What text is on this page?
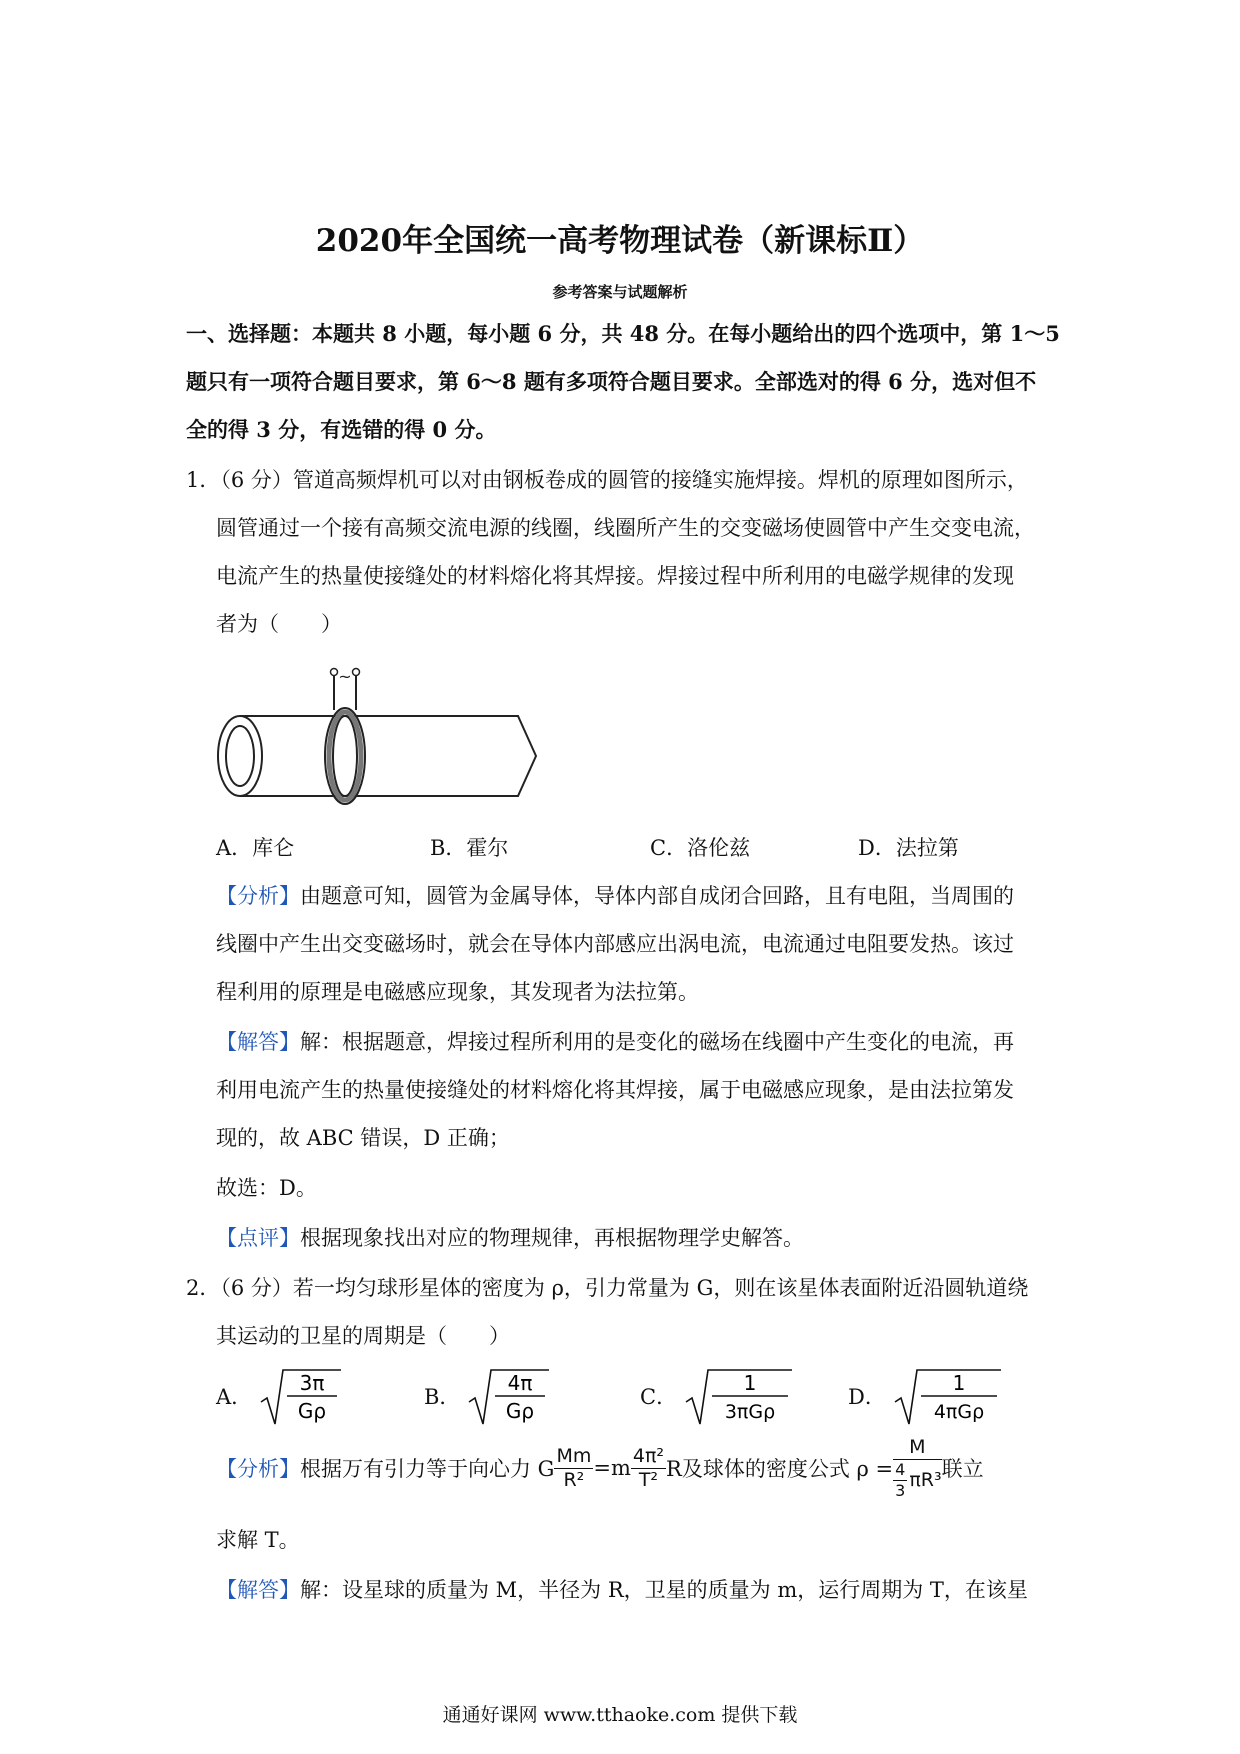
2020年全国统一高考物理试卷（新课标Ⅱ）
参考答案与试题解析
一、选择题：本题共 8 小题，每小题 6 分，共 48 分。在每小题给出的四个选项中，第 1～5
题只有一项符合题目要求，第 6～8 题有多项符合题目要求。全部选对的得 6 分，选对但不
全的得 3 分，有选错的得 0 分。
1．（6 分）管道高频焊机可以对由钢板卷成的圆管的接缝实施焊接。焊机的原理如图所示，
圆管通过一个接有高频交流电源的线圈，线圈所产生的交变磁场使圆管中产生交变电流，
电流产生的热量使接缝处的材料熔化将其焊接。焊接过程中所利用的电磁学规律的发现
者为（　　）
~
A．库仑	B．霍尔	C．洛伦兹	D．法拉第
【分析】由题意可知，圆管为金属导体，导体内部自成闭合回路，且有电阻，当周围的
线圈中产生出交变磁场时，就会在导体内部感应出涡电流，电流通过电阻要发热。该过
程利用的原理是电磁感应现象，其发现者为法拉第。
【解答】解：根据题意，焊接过程所利用的是变化的磁场在线圈中产生变化的电流，再
利用电流产生的热量使接缝处的材料熔化将其焊接，属于电磁感应现象，是由法拉第发
现的，故 ABC 错误，D 正确；
故选：D。
【点评】根据现象找出对应的物理规律，再根据物理学史解答。
2．（6 分）若一均匀球形星体的密度为 ρ，引力常量为 G，则在该星体表面附近沿圆轨道绕
其运动的卫星的周期是（　　）
A．
3π
Gρ
B．
4π
Gρ
C．
1
3πGρ
D．
1
4πGρ
【分析】 根据万有引力等于向心力 G $\frac{Mm}{\text{R²}} =m \frac{\text{4π²}}{\text{T²}}$ R及球体的密度公式 $\rho = \frac{M}{\frac{4}{3} \pi R^3}$ 联立
求解 T。
【解答】解：设星球的质量为 M，半径为 R，卫星的质量为 m，运行周期为 T，在该星
通通好课网 www.tthaoke.com 提供下载
